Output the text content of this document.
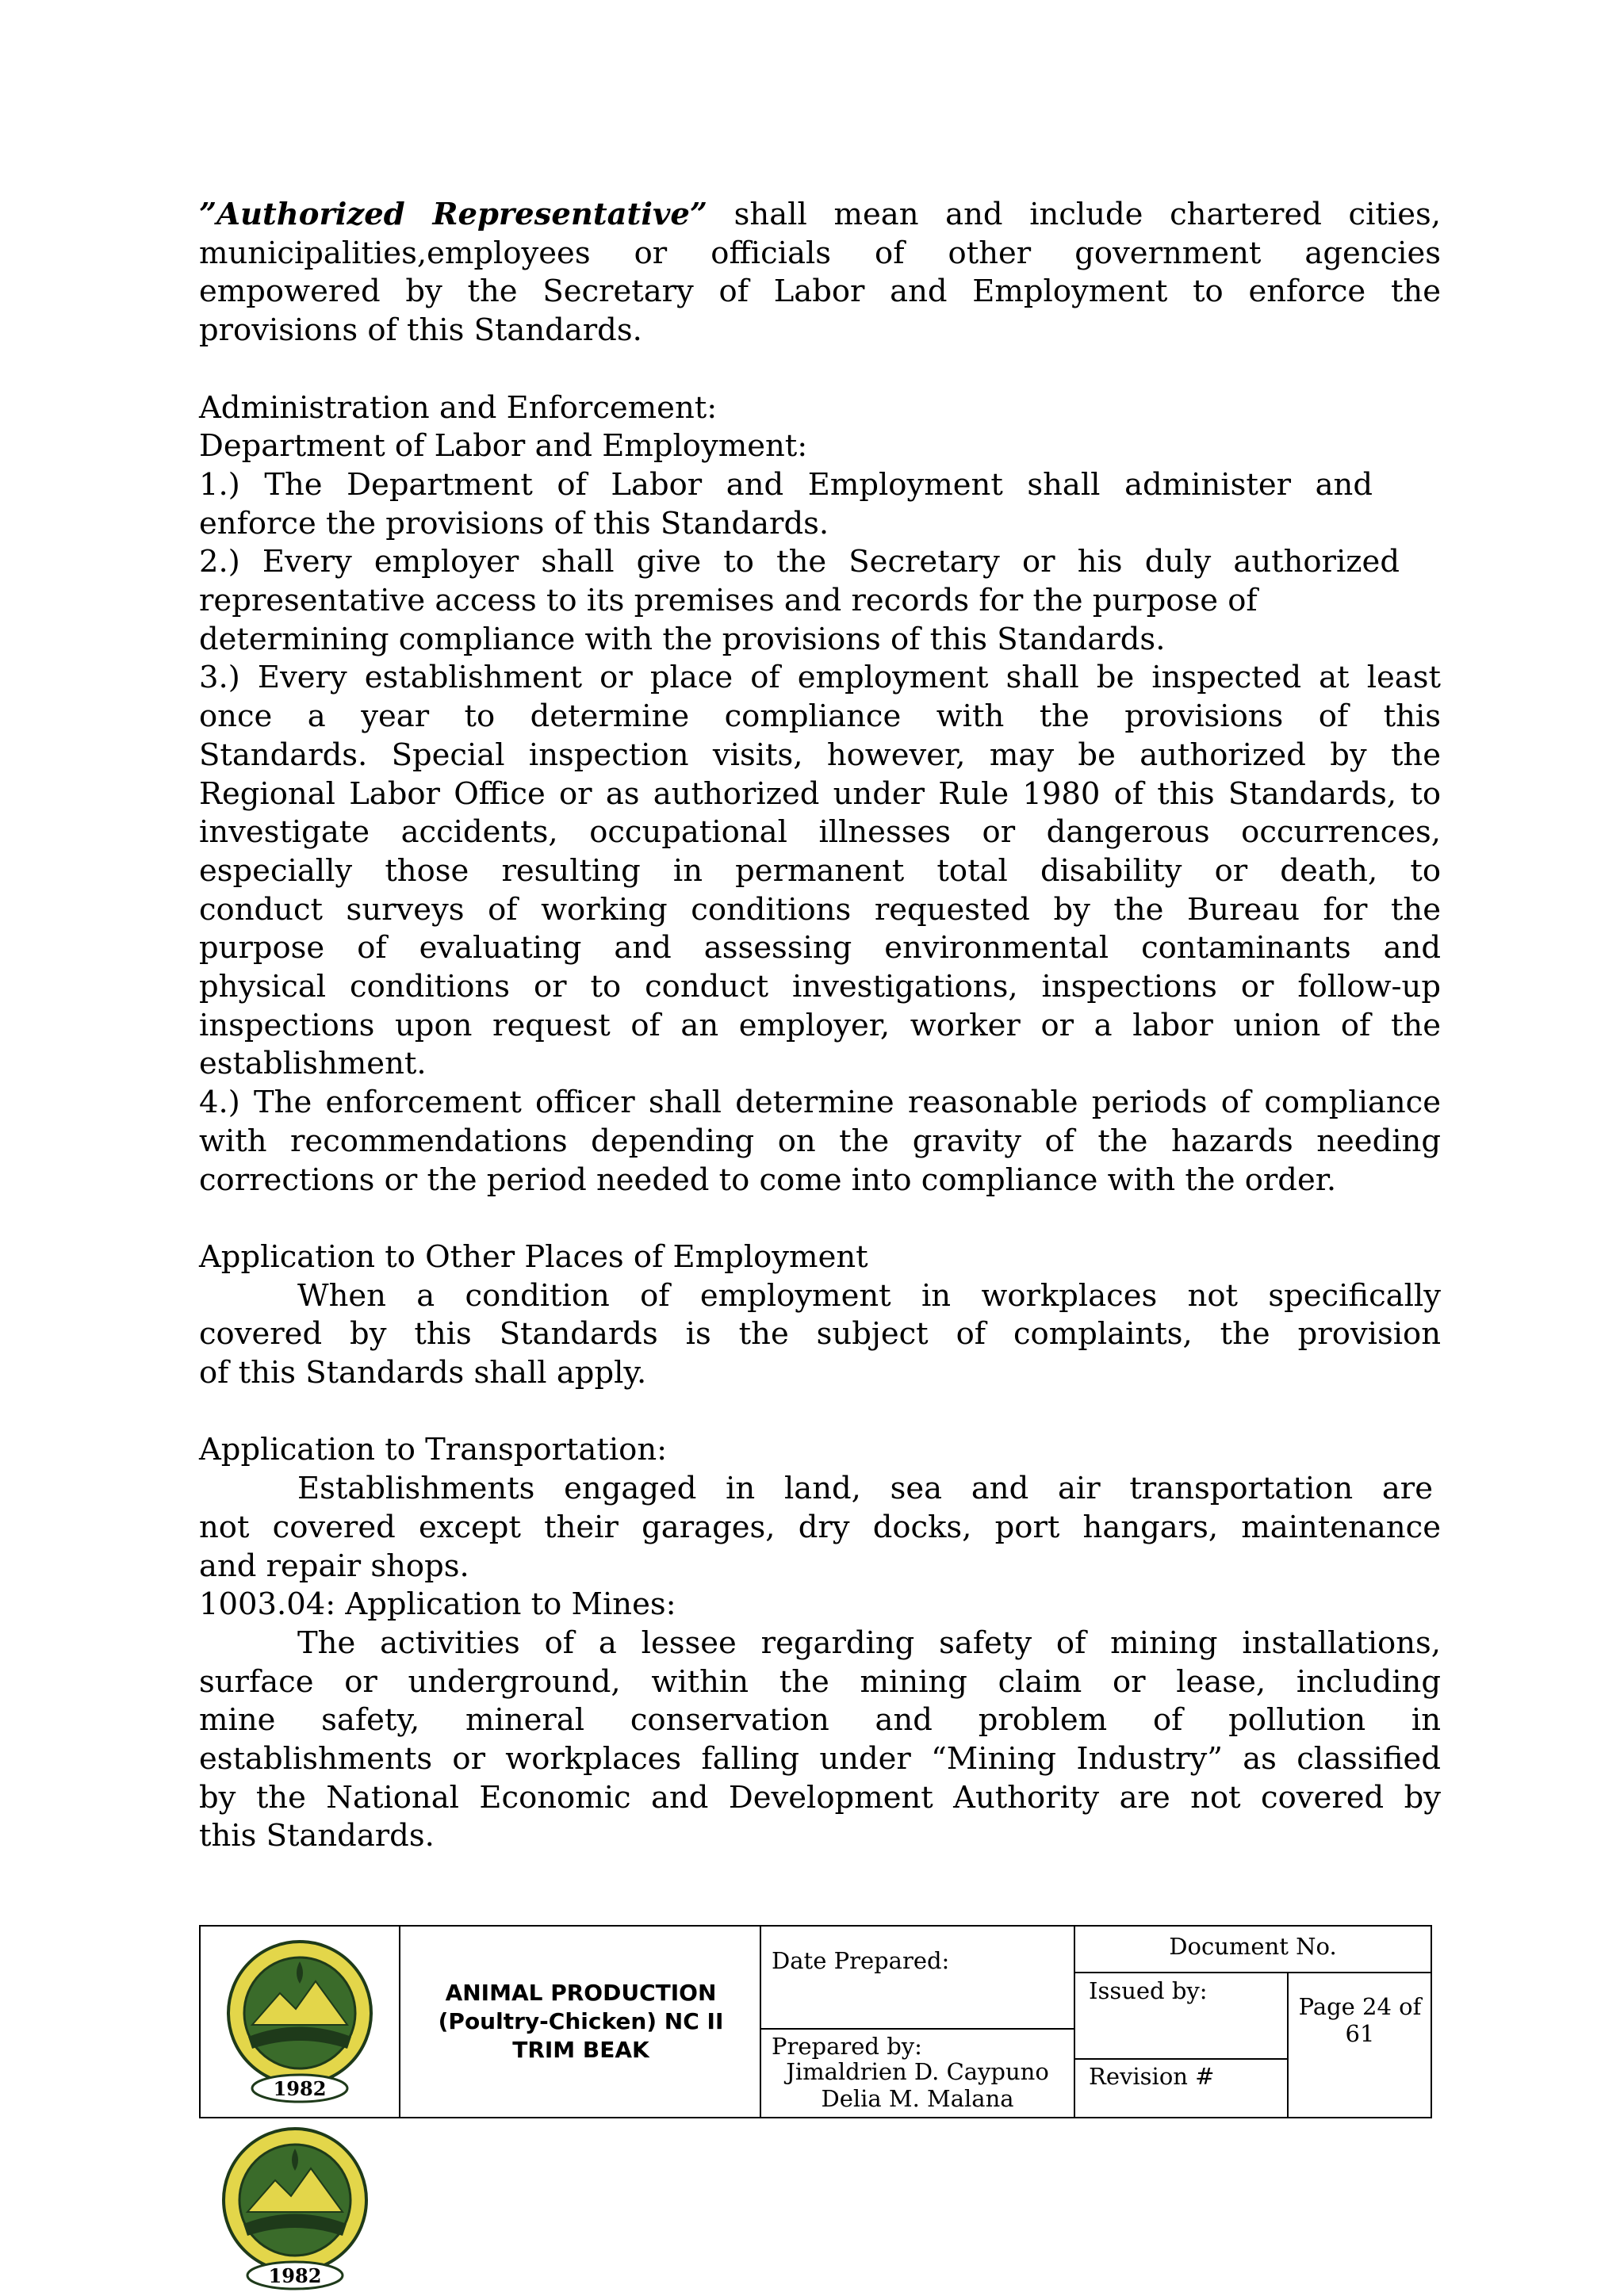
”Authorized Representative” shall mean and include chartered cities,

municipalities,employees or officials of other government agencies

empowered by the Secretary of Labor and Employment to enforce the

provisions of this Standards.

Administration and Enforcement:

Department of Labor and Employment:

1.) The Department of Labor and Employment shall administer and

enforce the provisions of this Standards.

2.) Every employer shall give to the Secretary or his duly authorized

representative access to its premises and records for the purpose of

determining compliance with the provisions of this Standards.

3.) Every establishment or place of employment shall be inspected at least

once a year to determine compliance with the provisions of this

Standards. Special inspection visits, however, may be authorized by the

Regional Labor Office or as authorized under Rule 1980 of this Standards, to

investigate accidents, occupational illnesses or dangerous occurrences,

especially those resulting in permanent total disability or death, to

conduct surveys of working conditions requested by the Bureau for the

purpose of evaluating and assessing environmental contaminants and

physical conditions or to conduct investigations, inspections or follow-up

inspections upon request of an employer, worker or a labor union of the

establishment.

4.) The enforcement officer shall determine reasonable periods of compliance

with recommendations depending on the gravity of the hazards needing

corrections or the period needed to come into compliance with the order.

Application to Other Places of Employment

When a condition of employment in workplaces not specifically

covered by this Standards is the subject of complaints, the provision

of this Standards shall apply.

Application to Transportation:

Establishments engaged in land, sea and air transportation are

not covered except their garages, dry docks, port hangars, maintenance

and repair shops.

1003.04: Application to Mines:

The activities of a lessee regarding safety of mining installations,

surface or underground, within the mining claim or lease, including

mine safety, mineral conservation and problem of pollution in

establishments or workplaces falling under “Mining Industry” as classified

by the National Economic and Development Authority are not covered by

this Standards.

1982
ANIMAL PRODUCTION
(Poultry-Chicken) NC II
TRIM BEAK
Date Prepared:
Prepared by:
Jimaldrien D. Caypuno
Delia M. Malana
Document No.
Issued by:
Revision #
Page 24 of
61
1982
